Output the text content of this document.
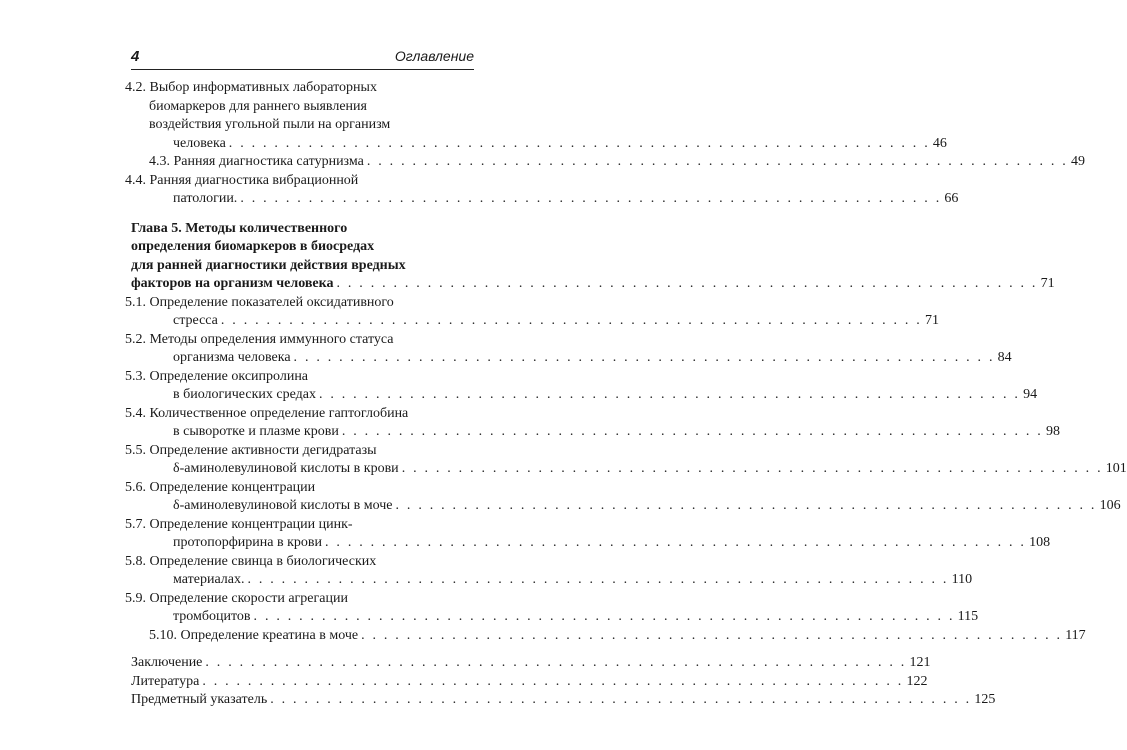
4	Оглавление
4.2. Выбор информативных лабораторных
биомаркеров для раннего выявления
воздействия угольной пыли на организм
человека . . . . . . . . . . . . . . . . . . . . . . . . . . . . . . . . . . . . . . . . . . . . . . . . . . . . . . . . . . . . . . 46
4.3. Ранняя диагностика сатурнизма . . . . . . . . . . . . . . . . . . . . . . . . . . . . . . . . . . . . . . . . . . . . . . . . . . . . . . . . . . . . . . 49
4.4. Ранняя диагностика вибрационной
патологии. . . . . . . . . . . . . . . . . . . . . . . . . . . . . . . . . . . . . . . . . . . . . . . . . . . . . . . . . . . . . . . 66
Глава 5. Методы количественного
определения биомаркеров в биосредах
для ранней диагностики действия вредных
факторов на организм человека . . . . . . . . . . . . . . . . . . . . . . . . . . . . . . . . . . . . . . . . . . . . . . . . . . . . . . . . . . . . . . 71
5.1. Определение показателей оксидативного
стресса . . . . . . . . . . . . . . . . . . . . . . . . . . . . . . . . . . . . . . . . . . . . . . . . . . . . . . . . . . . . . . 71
5.2. Методы определения иммунного статуса
организма человека . . . . . . . . . . . . . . . . . . . . . . . . . . . . . . . . . . . . . . . . . . . . . . . . . . . . . . . . . . . . . . 84
5.3. Определение оксипролина
в биологических средах . . . . . . . . . . . . . . . . . . . . . . . . . . . . . . . . . . . . . . . . . . . . . . . . . . . . . . . . . . . . . . 94
5.4. Количественное определение гаптоглобина
в сыворотке и плазме крови . . . . . . . . . . . . . . . . . . . . . . . . . . . . . . . . . . . . . . . . . . . . . . . . . . . . . . . . . . . . . . 98
5.5. Определение активности дегидратазы
δ-аминолевулиновой кислоты в крови . . . . . . . . . . . . . . . . . . . . . . . . . . . . . . . . . . . . . . . . . . . . . . . . . . . . . . . . . . . . . . 101
5.6. Определение концентрации
δ-аминолевулиновой кислоты в моче . . . . . . . . . . . . . . . . . . . . . . . . . . . . . . . . . . . . . . . . . . . . . . . . . . . . . . . . . . . . . . 106
5.7. Определение концентрации цинк-
протопорфирина в крови . . . . . . . . . . . . . . . . . . . . . . . . . . . . . . . . . . . . . . . . . . . . . . . . . . . . . . . . . . . . . . 108
5.8. Определение свинца в биологических
материалах. . . . . . . . . . . . . . . . . . . . . . . . . . . . . . . . . . . . . . . . . . . . . . . . . . . . . . . . . . . . . . . 110
5.9. Определение скорости агрегации
тромбоцитов . . . . . . . . . . . . . . . . . . . . . . . . . . . . . . . . . . . . . . . . . . . . . . . . . . . . . . . . . . . . . . 115
5.10. Определение креатина в моче . . . . . . . . . . . . . . . . . . . . . . . . . . . . . . . . . . . . . . . . . . . . . . . . . . . . . . . . . . . . . . 117
Заключение . . . . . . . . . . . . . . . . . . . . . . . . . . . . . . . . . . . . . . . . . . . . . . . . . . . . . . . . . . . . . . 121
Литература . . . . . . . . . . . . . . . . . . . . . . . . . . . . . . . . . . . . . . . . . . . . . . . . . . . . . . . . . . . . . . 122
Предметный указатель . . . . . . . . . . . . . . . . . . . . . . . . . . . . . . . . . . . . . . . . . . . . . . . . . . . . . . . . . . . . . . 125
